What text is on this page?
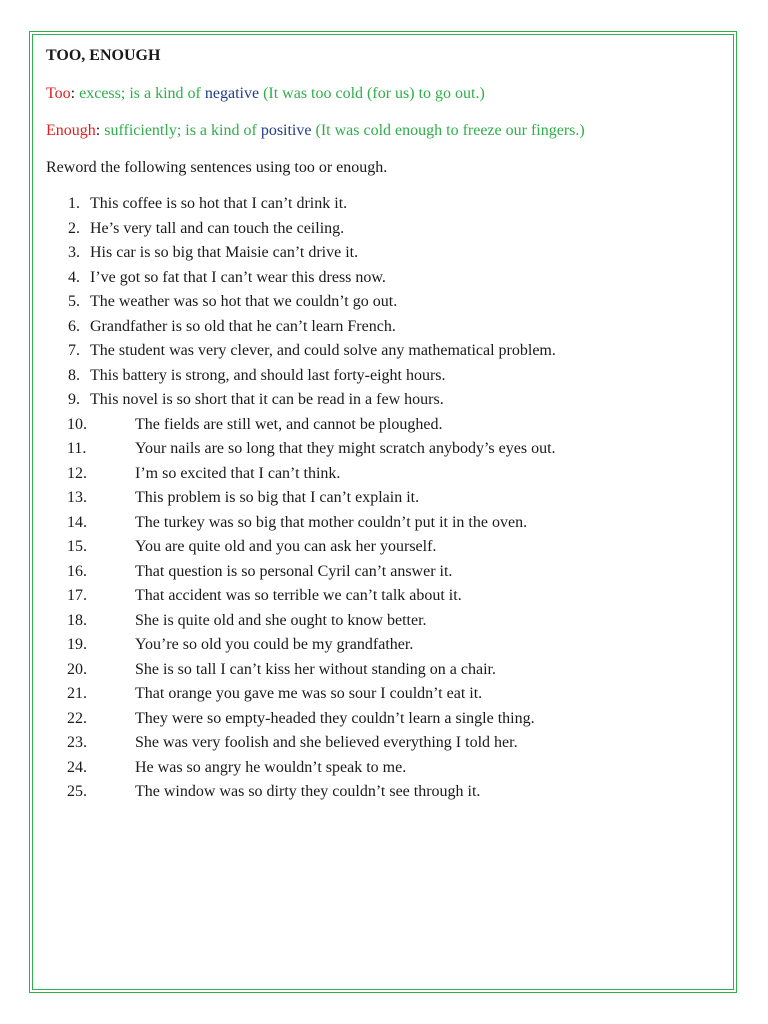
TOO, ENOUGH
Too: excess; is a kind of negative (It was too cold (for us) to go out.)
Enough: sufficiently; is a kind of positive (It was cold enough to freeze our fingers.)
Reword the following sentences using too or enough.
1. This coffee is so hot that I can’t drink it.
2. He’s very tall and can touch the ceiling.
3. His car is so big that Maisie can’t drive it.
4. I’ve got so fat that I can’t wear this dress now.
5. The weather was so hot that we couldn’t go out.
6. Grandfather is so old that he can’t learn French.
7. The student was very clever, and could solve any mathematical problem.
8. This battery is strong, and should last forty-eight hours.
9. This novel is so short that it can be read in a few hours.
10.	The fields are still wet, and cannot be ploughed.
11.	Your nails are so long that they might scratch anybody’s eyes out.
12.	I’m so excited that I can’t think.
13.	This problem is so big that I can’t explain it.
14.	The turkey was so big that mother couldn’t put it in the oven.
15.	You are quite old and you can ask her yourself.
16.	That question is so personal Cyril can’t answer it.
17.	That accident was so terrible we can’t talk about it.
18.	She is quite old and she ought to know better.
19.	You’re so old you could be my grandfather.
20.	She is so tall I can’t kiss her without standing on a chair.
21.	That orange you gave me was so sour I couldn’t eat it.
22.	They were so empty-headed they couldn’t learn a single thing.
23.	She was very foolish and she believed everything I told her.
24.	He was so angry he wouldn’t speak to me.
25.	The window was so dirty they couldn’t see through it.
